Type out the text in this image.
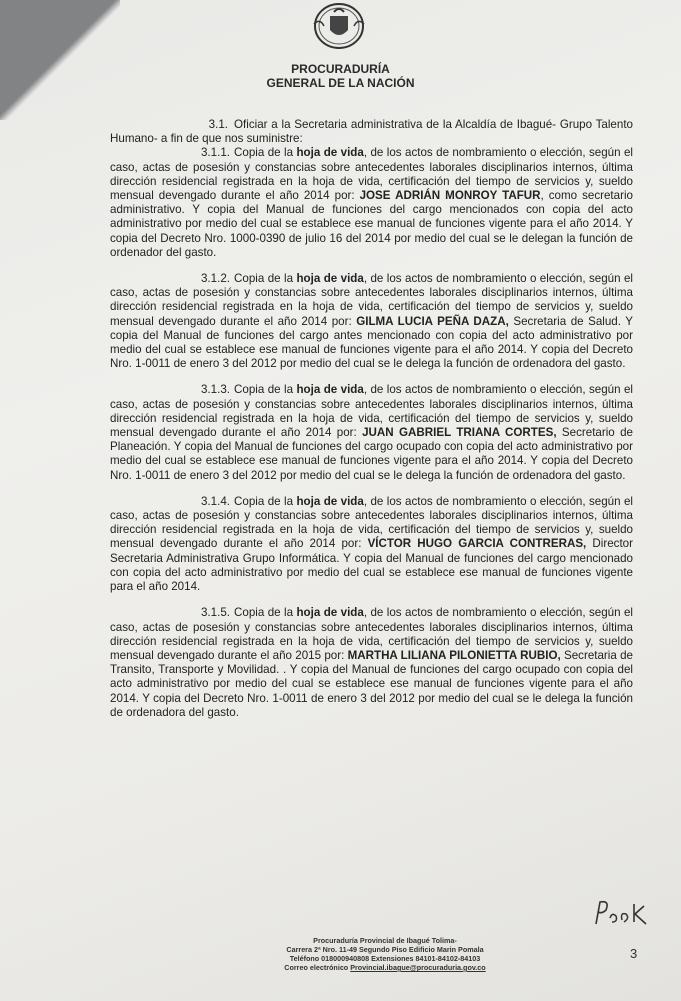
PROCURADURÍA
GENERAL DE LA NACIÓN

3.1. Oficiar a la Secretaria administrativa de la Alcaldía de Ibagué- Grupo Talento Humano- a fin de que nos suministre:

3.1.1. Copia de la hoja de vida, de los actos de nombramiento o elección, según el caso, actas de posesión y constancias sobre antecedentes laborales disciplinarios internos, última dirección residencial registrada en la hoja de vida, certificación del tiempo de servicios y, sueldo mensual devengado durante el año 2014 por: JOSE ADRIÁN MONROY TAFUR, como secretario administrativo. Y copia del Manual de funciones del cargo mencionados con copia del acto administrativo por medio del cual se establece ese manual de funciones vigente para el año 2014. Y copia del Decreto Nro. 1000-0390 de julio 16 del 2014 por medio del cual se le delegan la función de ordenador del gasto.

3.1.2. Copia de la hoja de vida, de los actos de nombramiento o elección, según el caso, actas de posesión y constancias sobre antecedentes laborales disciplinarios internos, última dirección residencial registrada en la hoja de vida, certificación del tiempo de servicios y, sueldo mensual devengado durante el año 2014 por: GILMA LUCIA PEÑA DAZA, Secretaria de Salud. Y copia del Manual de funciones del cargo antes mencionado con copia del acto administrativo por medio del cual se establece ese manual de funciones vigente para el año 2014. Y copia del Decreto Nro. 1-0011 de enero 3 del 2012 por medio del cual se le delega la función de ordenadora del gasto.

3.1.3. Copia de la hoja de vida, de los actos de nombramiento o elección, según el caso, actas de posesión y constancias sobre antecedentes laborales disciplinarios internos, última dirección residencial registrada en la hoja de vida, certificación del tiempo de servicios y, sueldo mensual devengado durante el año 2014 por: JUAN GABRIEL TRIANA CORTES, Secretario de Planeación. Y copia del Manual de funciones del cargo ocupado con copia del acto administrativo por medio del cual se establece ese manual de funciones vigente para el año 2014. Y copia del Decreto Nro. 1-0011 de enero 3 del 2012 por medio del cual se le delega la función de ordenadora del gasto.

3.1.4. Copia de la hoja de vida, de los actos de nombramiento o elección, según el caso, actas de posesión y constancias sobre antecedentes laborales disciplinarios internos, última dirección residencial registrada en la hoja de vida, certificación del tiempo de servicios y, sueldo mensual devengado durante el año 2014 por: VÍCTOR HUGO GARCIA CONTRERAS, Director Secretaria Administrativa Grupo Informática. Y copia del Manual de funciones del cargo mencionado con copia del acto administrativo por medio del cual se establece ese manual de funciones vigente para el año 2014.

3.1.5. Copia de la hoja de vida, de los actos de nombramiento o elección, según el caso, actas de posesión y constancias sobre antecedentes laborales disciplinarios internos, última dirección residencial registrada en la hoja de vida, certificación del tiempo de servicios y, sueldo mensual devengado durante el año 2015 por: MARTHA LILIANA PILONIETTA RUBIO, Secretaria de Transito, Transporte y Movilidad. . Y copia del Manual de funciones del cargo ocupado con copia del acto administrativo por medio del cual se establece ese manual de funciones vigente para el año 2014. Y copia del Decreto Nro. 1-0011 de enero 3 del 2012 por medio del cual se le delega la función de ordenadora del gasto.

Procuraduría Provincial de Ibagué Tolima-
Carrera 2ª Nro. 11-49 Segundo Piso Edificio Marin Pomala
Teléfono 018000940808 Extensiones 84101-84102-84103
Correo electrónico Provincial.ibague@procuraduria.gov.co
3
